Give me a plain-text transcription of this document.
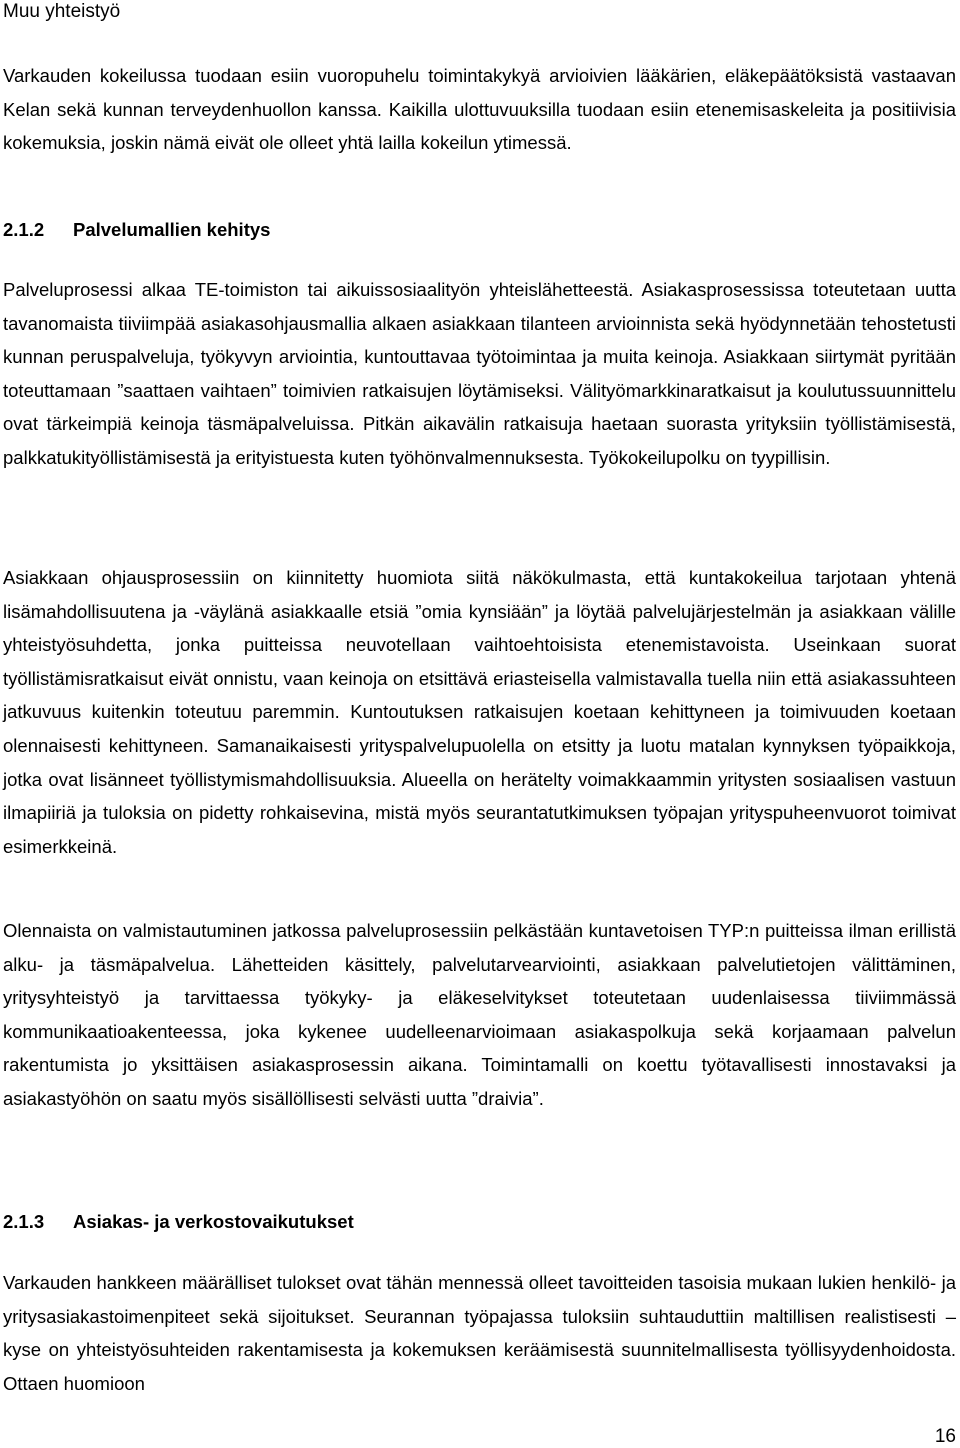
Muu yhteistyö

Varkauden kokeilussa tuodaan esiin vuoropuhelu toimintakykyä arvioivien lääkärien, eläkepäätöksistä vastaavan Kelan sekä kunnan terveydenhuollon kanssa. Kaikilla ulottuvuuksilla tuodaan esiin etenemisaskeleita ja positiivisia kokemuksia, joskin nämä eivät ole olleet yhtä lailla kokeilun ytimessä.

2.1.2 Palvelumallien kehitys

Palveluprosessi alkaa TE-toimiston tai aikuissosiaalityön yhteislähetteestä. Asiakasprosessissa toteutetaan uutta tavanomaista tiiviimpää asiakasohjausmallia alkaen asiakkaan tilanteen arvioinnista sekä hyödynnetään tehostetusti kunnan peruspalveluja, työkyvyn arviointia, kuntouttavaa työtoimintaa ja muita keinoja. Asiakkaan siirtymät pyritään toteuttamaan ”saattaen vaihtaen” toimivien ratkaisujen löytämiseksi. Välityömarkkinaratkaisut ja koulutussuunnittelu ovat tärkeimpiä keinoja täsmäpalveluissa. Pitkän aikavälin ratkaisuja haetaan suorasta yrityksiin työllistämisestä, palkkatukityöllistämisestä ja erityistuesta kuten työhönvalmennuksesta. Työkokeilupolku on tyypillisin.

Asiakkaan ohjausprosessiin on kiinnitetty huomiota siitä näkökulmasta, että kuntakokeilua tarjotaan yhtenä lisämahdollisuutena ja -väylänä asiakkaalle etsiä ”omia kynsiään” ja löytää palvelujärjestelmän ja asiakkaan välille yhteistyösuhdetta, jonka puitteissa neuvotellaan vaihtoehtoisista etenemistavoista. Useinkaan suorat työllistämisratkaisut eivät onnistu, vaan keinoja on etsittävä eriasteisella valmistavalla tuella niin että asiakassuhteen jatkuvuus kuitenkin toteutuu paremmin. Kuntoutuksen ratkaisujen koetaan kehittyneen ja toimivuuden koetaan olennaisesti kehittyneen. Samanaikaisesti yrityspalvelupuolella on etsitty ja luotu matalan kynnyksen työpaikkoja, jotka ovat lisänneet työllistymismahdollisuuksia. Alueella on herätelty voimakkaammin yritysten sosiaalisen vastuun ilmapiiriä ja tuloksia on pidetty rohkaisevina, mistä myös seurantatutkimuksen työpajan yrityspuheenvuorot toimivat esimerkkeinä.

Olennaista on valmistautuminen jatkossa palveluprosessiin pelkästään kuntavetoisen TYP:n puitteissa ilman erillistä alku- ja täsmäpalvelua. Lähetteiden käsittely, palvelutarvearviointi, asiakkaan palvelutietojen välittäminen, yritysyhteistyö ja tarvittaessa työkyky- ja eläkeselvitykset toteutetaan uudenlaisessa tiiviimmässä kommunikaatioakenteessa, joka kykenee uudelleenarvioimaan asiakaspolkuja sekä korjaamaan palvelun rakentumista jo yksittäisen asiakasprosessin aikana. Toimintamalli on koettu työtavallisesti innostavaksi ja asiakastyöhön on saatu myös sisällöllisesti selvästi uutta ”draivia”.

2.1.3 Asiakas- ja verkostovaikutukset

Varkauden hankkeen määrälliset tulokset ovat tähän mennessä olleet tavoitteiden tasoisia mukaan lukien henkilö- ja yritysasiakastoimenpiteet sekä sijoitukset. Seurannan työpajassa tuloksiin suhtauduttiin maltillisen realistisesti – kyse on yhteistyösuhteiden rakentamisesta ja kokemuksen keräämisestä suunnitelmallisesta työllisyydenhoidosta. Ottaen huomioon

16
